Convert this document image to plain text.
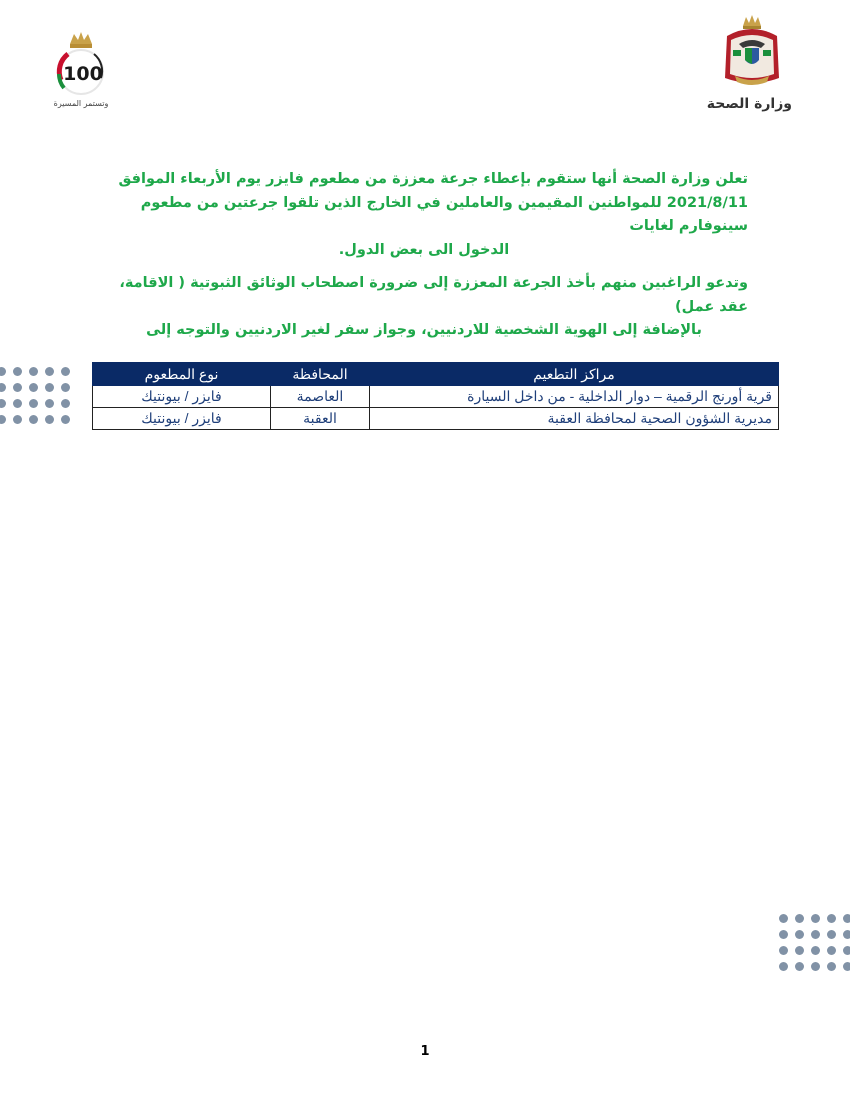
100
وتستمر المسيرة	وزارة الصحة

تعلن وزارة الصحة أنها ستقوم بإعطاء جرعة معززة من مطعوم فايزر يوم الأربعاء الموافق
2021/8/11 للمواطنين المقيمين والعاملين في الخارج الذين تلقوا جرعتين من مطعوم سينوفارم لغايات

الدخول الى بعض الدول.

وتدعو الراغبين منهم بأخذ الجرعة المعززة إلى ضرورة اصطحاب الوثائق الثبوتية ( الاقامة، عقد عمل)

بالإضافة إلى الهوية الشخصية للاردنيين، وجواز سفر لغير الاردنيين والتوجه إلى

مراكز التطعيم	المحافظة	نوع المطعوم
قرية أورنج الرقمية – دوار الداخلية - من داخل السيارة	العاصمة	فايزر / بيونتيك
مديرية الشؤون الصحية لمحافظة العقبة	العقبة	فايزر / بيونتيك
1
